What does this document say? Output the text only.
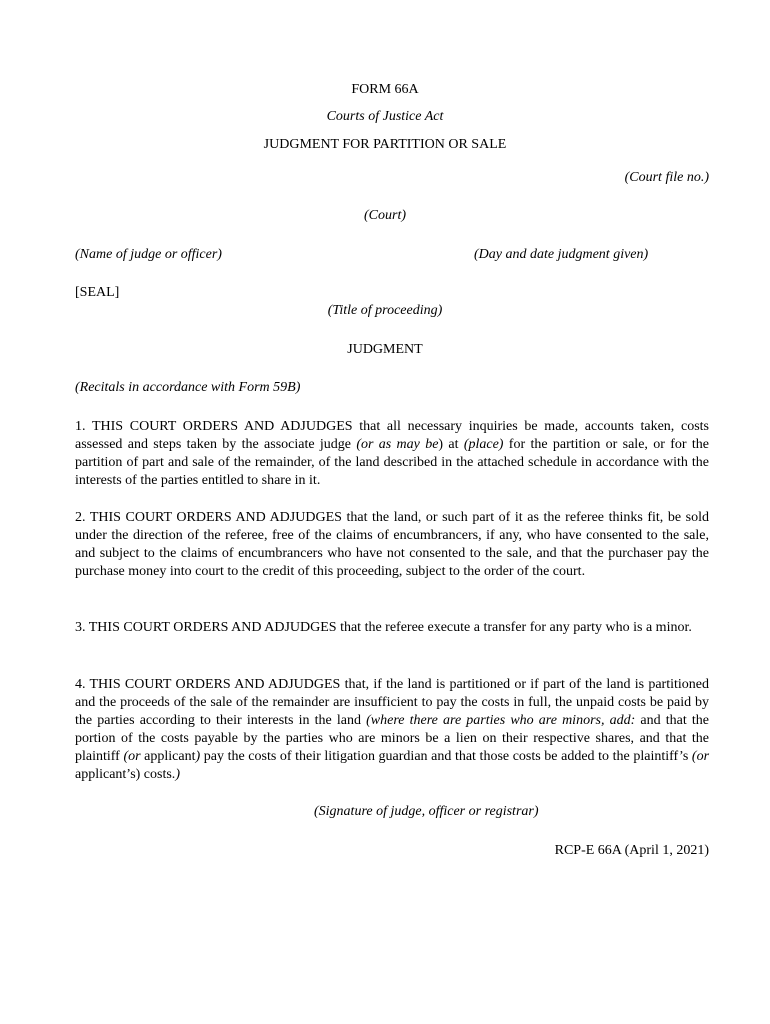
FORM 66A
Courts of Justice Act
JUDGMENT FOR PARTITION OR SALE
(Court file no.)
(Court)
(Name of judge or officer)	(Day and date judgment given)
[SEAL]
(Title of proceeding)
JUDGMENT
(Recitals in accordance with Form 59B)
1. THIS COURT ORDERS AND ADJUDGES that all necessary inquiries be made, accounts taken, costs assessed and steps taken by the associate judge (or as may be) at (place) for the partition or sale, or for the partition of part and sale of the remainder, of the land described in the attached schedule in accordance with the interests of the parties entitled to share in it.
2. THIS COURT ORDERS AND ADJUDGES that the land, or such part of it as the referee thinks fit, be sold under the direction of the referee, free of the claims of encumbrancers, if any, who have consented to the sale, and subject to the claims of encumbrancers who have not consented to the sale, and that the purchaser pay the purchase money into court to the credit of this proceeding, subject to the order of the court.
3. THIS COURT ORDERS AND ADJUDGES that the referee execute a transfer for any party who is a minor.
4. THIS COURT ORDERS AND ADJUDGES that, if the land is partitioned or if part of the land is partitioned and the proceeds of the sale of the remainder are insufficient to pay the costs in full, the unpaid costs be paid by the parties according to their interests in the land (where there are parties who are minors, add: and that the portion of the costs payable by the parties who are minors be a lien on their respective shares, and that the plaintiff (or applicant) pay the costs of their litigation guardian and that those costs be added to the plaintiff’s (or applicant’s) costs.)
(Signature of judge, officer or registrar)
RCP-E 66A (April 1, 2021)
